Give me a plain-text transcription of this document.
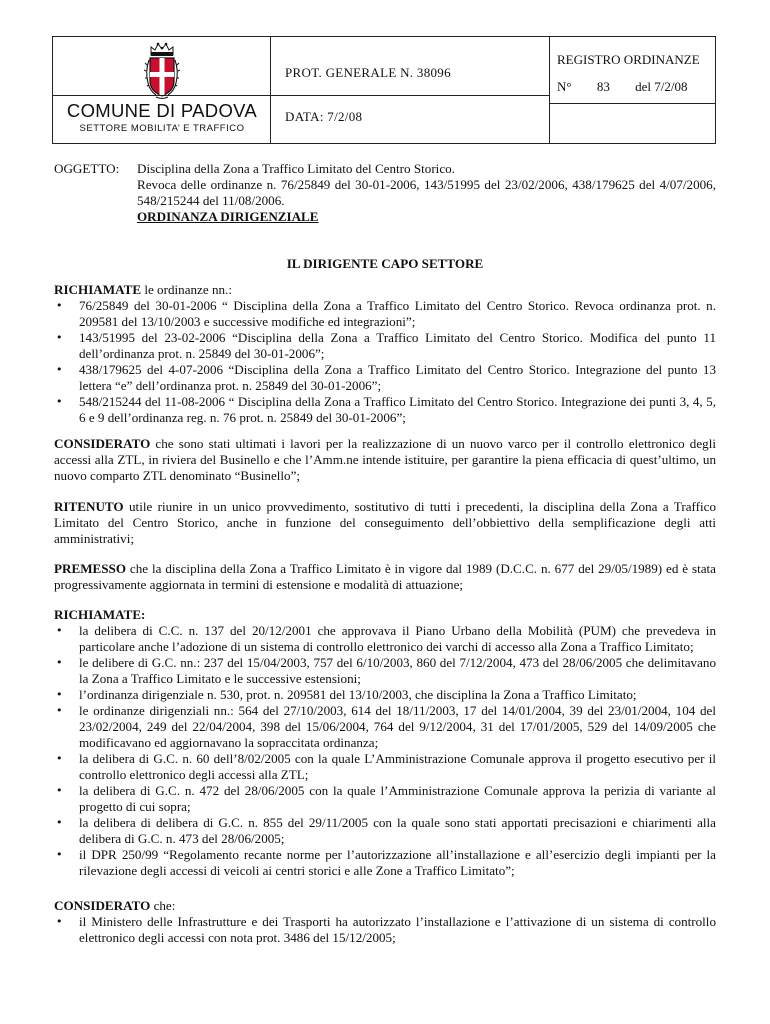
COMUNE DI PADOVA
SETTORE MOBILITA’ E TRAFFICO
PROT. GENERALE N. 38096
DATA: 7/2/08
REGISTRO ORDINANZE
N° 83 del 7/2/08
OGGETTO: Disciplina della Zona a Traffico Limitato del Centro Storico.
Revoca delle ordinanze n. 76/25849 del 30-01-2006, 143/51995 del 23/02/2006, 438/179625 del 4/07/2006, 548/215244 del 11/08/2006.
ORDINANZA DIRIGENZIALE
IL DIRIGENTE CAPO SETTORE
RICHIAMATE le ordinanze nn.:
• 76/25849 del 30-01-2006 “ Disciplina della Zona a Traffico Limitato del Centro Storico. Revoca ordinanza prot. n. 209581 del 13/10/2003 e successive modifiche ed integrazioni”;
• 143/51995 del 23-02-2006 “Disciplina della Zona a Traffico Limitato del Centro Storico. Modifica del punto 11 dell’ordinanza prot. n. 25849 del 30-01-2006”;
• 438/179625 del 4-07-2006 “Disciplina della Zona a Traffico Limitato del Centro Storico. Integrazione del punto 13 lettera “e” dell’ordinanza prot. n. 25849 del 30-01-2006”;
• 548/215244 del 11-08-2006 “ Disciplina della Zona a Traffico Limitato del Centro Storico. Integrazione dei punti 3, 4, 5, 6 e 9 dell’ordinanza reg. n. 76 prot. n. 25849 del 30-01-2006”;
CONSIDERATO che sono stati ultimati i lavori per la realizzazione di un nuovo varco per il controllo elettronico degli accessi alla ZTL, in riviera del Businello e che l’Amm.ne intende istituire, per garantire la piena efficacia di quest’ultimo, un nuovo comparto ZTL denominato “Businello”;
RITENUTO utile riunire in un unico provvedimento, sostitutivo di tutti i precedenti, la disciplina della Zona a Traffico Limitato del Centro Storico, anche in funzione del conseguimento dell’obbiettivo della semplificazione degli atti amministrativi;
PREMESSO che la disciplina della Zona a Traffico Limitato è in vigore dal 1989 (D.C.C. n. 677 del 29/05/1989) ed è stata progressivamente aggiornata in termini di estensione e modalità di attuazione;
RICHIAMATE:
• la delibera di C.C. n. 137 del 20/12/2001 che approvava il Piano Urbano della Mobilità (PUM) che prevedeva in particolare anche l’adozione di un sistema di controllo elettronico dei varchi di accesso alla Zona a Traffico Limitato;
• le delibere di G.C. nn.: 237 del 15/04/2003, 757 del 6/10/2003, 860 del 7/12/2004, 473 del 28/06/2005 che delimitavano la Zona a Traffico Limitato e le successive estensioni;
• l’ordinanza dirigenziale n. 530, prot. n. 209581 del 13/10/2003, che disciplina la Zona a Traffico Limitato;
• le ordinanze dirigenziali nn.: 564 del 27/10/2003, 614 del 18/11/2003, 17 del 14/01/2004, 39 del 23/01/2004, 104 del 23/02/2004, 249 del 22/04/2004, 398 del 15/06/2004, 764 del 9/12/2004, 31 del 17/01/2005, 529 del 14/09/2005 che modificavano ed aggiornavano la sopraccitata ordinanza;
• la delibera di G.C. n. 60 dell’8/02/2005 con la quale L’Amministrazione Comunale approva il progetto esecutivo per il controllo elettronico degli accessi alla ZTL;
• la delibera di G.C. n. 472 del 28/06/2005 con la quale l’Amministrazione Comunale approva la perizia di variante al progetto di cui sopra;
• la delibera di delibera di G.C. n. 855 del 29/11/2005 con la quale sono stati apportati precisazioni e chiarimenti alla delibera di G.C. n. 473 del 28/06/2005;
• il DPR 250/99 “Regolamento recante norme per l’autorizzazione all’installazione e all’esercizio degli impianti per la rilevazione degli accessi di veicoli ai centri storici e alle Zone a Traffico Limitato”;
CONSIDERATO che:
• il Ministero delle Infrastrutture e dei Trasporti ha autorizzato l’installazione e l’attivazione di un sistema di controllo elettronico degli accessi con nota prot. 3486 del 15/12/2005;
